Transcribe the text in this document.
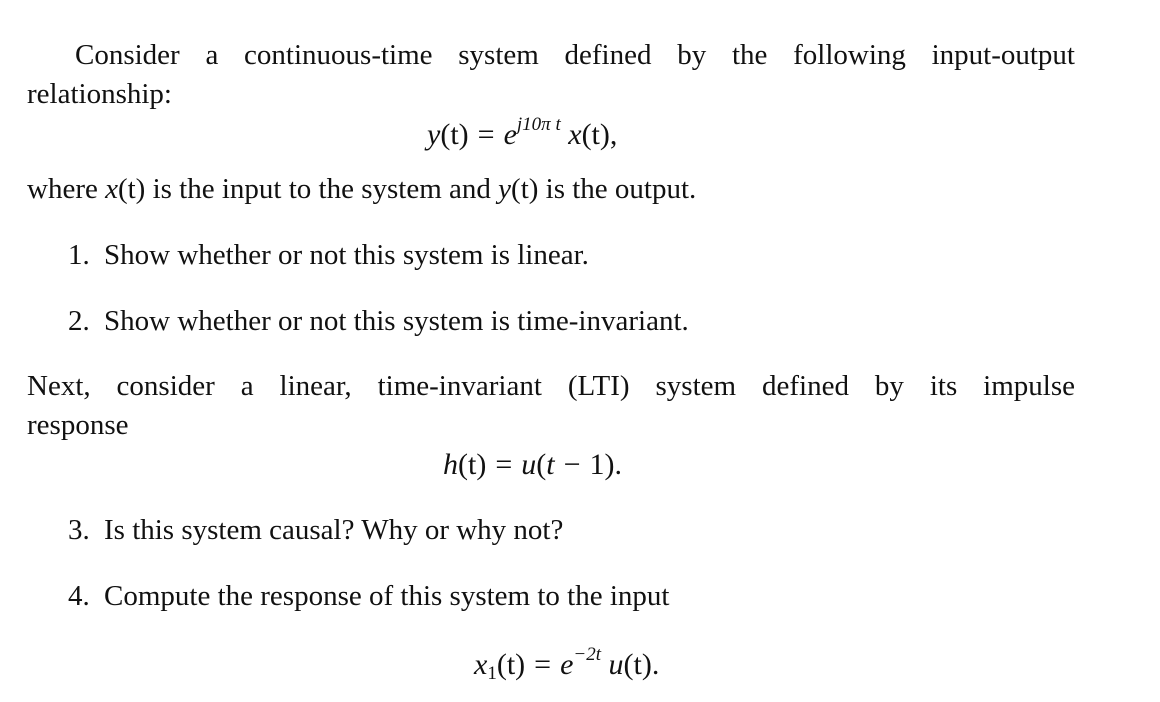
Consider a continuous-time system defined by the following input-output
relationship:
$y(t) = e^{j10\pi t}$ x(t),
where x(t) is the input to the system and y(t) is the output.
1. Show whether or not this system is linear.
2. Show whether or not this system is time-invariant.
Next, consider a linear, time-invariant (LTI) system defined by its impulse
response
h(t) = u(t − 1).
3. Is this system causal? Why or why not?
4. Compute the response of this system to the input
$x_1(t) = e^{-2t}$ u(t).
